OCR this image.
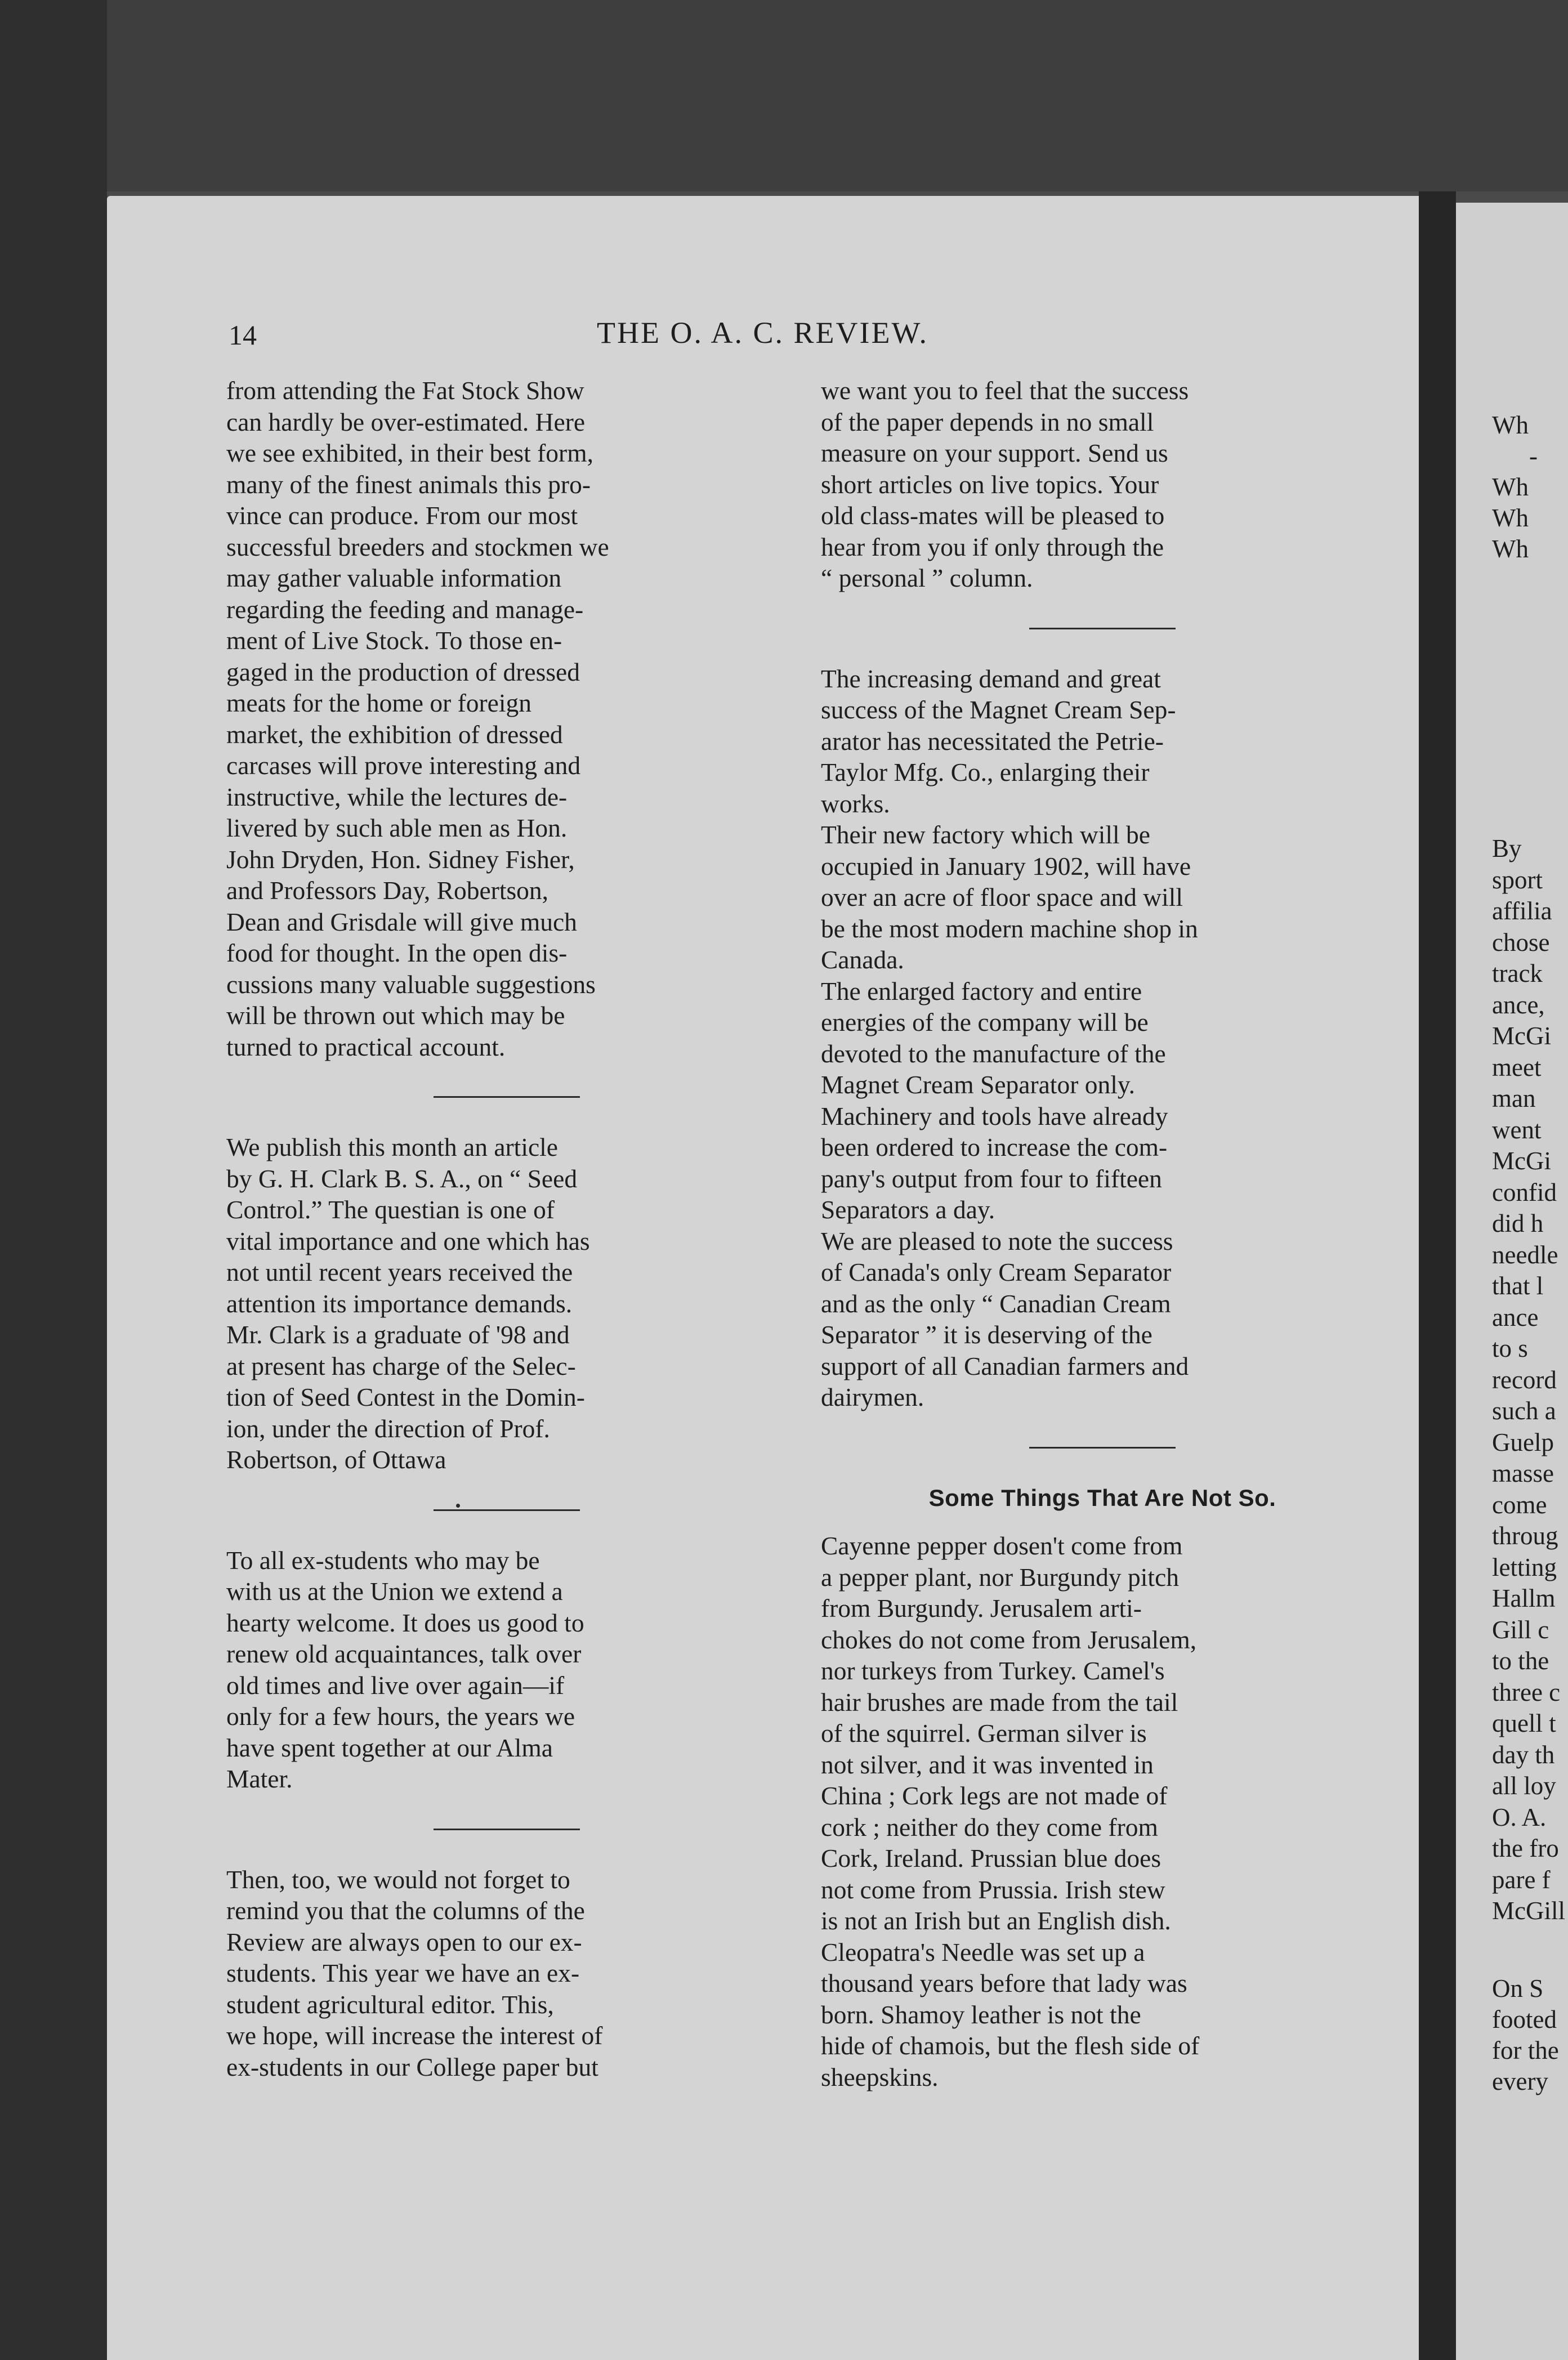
14	THE O. A. C. REVIEW.

from attending the Fat Stock Show
can hardly be over-estimated. Here
we see exhibited, in their best form,
many of the finest animals this pro-
vince can produce. From our most
successful breeders and stockmen we
may gather valuable information
regarding the feeding and manage-
ment of Live Stock. To those en-
gaged in the production of dressed
meats for the home or foreign
market, the exhibition of dressed
carcases will prove interesting and
instructive, while the lectures de-
livered by such able men as Hon.
John Dryden, Hon. Sidney Fisher,
and Professors Day, Robertson,
Dean and Grisdale will give much
food for thought. In the open dis-
cussions many valuable suggestions
will be thrown out which may be
turned to practical account.

We publish this month an article
by G. H. Clark B. S. A., on “ Seed
Control.” The questian is one of
vital importance and one which has
not until recent years received the
attention its importance demands.
Mr. Clark is a graduate of '98 and
at present has charge of the Selec-
tion of Seed Contest in the Domin-
ion, under the direction of Prof.
Robertson, of Ottawa

To all ex-students who may be
with us at the Union we extend a
hearty welcome. It does us good to
renew old acquaintances, talk over
old times and live over again—if
only for a few hours, the years we
have spent together at our Alma
Mater.

Then, too, we would not forget to
remind you that the columns of the
Review are always open to our ex-
students. This year we have an ex-
student agricultural editor. This,
we hope, will increase the interest of
ex-students in our College paper but

we want you to feel that the success
of the paper depends in no small
measure on your support. Send us
short articles on live topics. Your
old class-mates will be pleased to
hear from you if only through the
“ personal ” column.

The increasing demand and great
success of the Magnet Cream Sep-
arator has necessitated the Petrie-
Taylor Mfg. Co., enlarging their
works.

Their new factory which will be
occupied in January 1902, will have
over an acre of floor space and will
be the most modern machine shop in
Canada.

The enlarged factory and entire
energies of the company will be
devoted to the manufacture of the
Magnet Cream Separator only.

Machinery and tools have already
been ordered to increase the com-
pany's output from four to fifteen
Separators a day.

We are pleased to note the success
of Canada's only Cream Separator
and as the only “ Canadian Cream
Separator ” it is deserving of the
support of all Canadian farmers and
dairymen.

Some Things That Are Not So.

Cayenne pepper dosen't come from
a pepper plant, nor Burgundy pitch
from Burgundy. Jerusalem arti-
chokes do not come from Jerusalem,
nor turkeys from Turkey. Camel's
hair brushes are made from the tail
of the squirrel. German silver is
not silver, and it was invented in
China ; Cork legs are not made of
cork ; neither do they come from
Cork, Ireland. Prussian blue does
not come from Prussia. Irish stew
is not an Irish but an English dish.
Cleopatra's Needle was set up a
thousand years before that lady was
born. Shamoy leather is not the
hide of chamois, but the flesh side of
sheepskins.

Wh
-
Wh
Wh
Wh
By
sport
affilia
chose
track
ance,
McGi
meet
man
went
McGi
confid
did h
needle
that l
ance
to s
record
such a
Guelp
masse
come
throug
letting
Hallm
Gill c
to the
three c
quell t
day th
all loy
O. A.
the fro
pare f
McGill
On S
footed
for the
every
